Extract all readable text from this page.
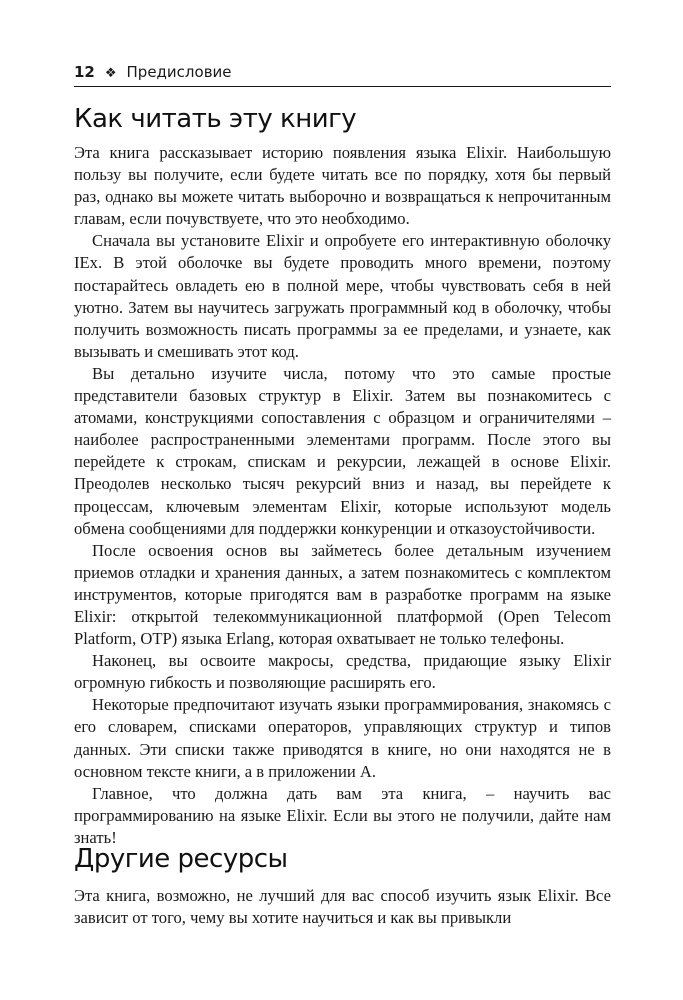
12 ❖ Предисловие
Как читать эту книгу

Эта книга рассказывает историю появления языка Elixir. Наибольшую пользу вы получите, если будете читать все по порядку, хотя бы первый раз, однако вы можете читать выборочно и возвращаться к непрочитанным главам, если почувствуете, что это необходимо.

Сначала вы установите Elixir и опробуете его интерактивную оболочку IEx. В этой оболочке вы будете проводить много времени, поэтому постарайтесь овладеть ею в полной мере, чтобы чувствовать себя в ней уютно. Затем вы научитесь загружать программный код в оболочку, чтобы получить возможность писать программы за ее пределами, и узнаете, как вызывать и смешивать этот код.

Вы детально изучите числа, потому что это самые простые представители базовых структур в Elixir. Затем вы познакомитесь с атомами, конструкциями сопоставления с образцом и ограничителями – наиболее распространенными элементами программ. После этого вы перейдете к строкам, спискам и рекурсии, лежащей в основе Elixir. Преодолев несколько тысяч рекурсий вниз и назад, вы перейдете к процессам, ключевым элементам Elixir, которые используют модель обмена сообщениями для поддержки конкуренции и отказоустойчивости.

После освоения основ вы займетесь более детальным изучением приемов отладки и хранения данных, а затем познакомитесь с комплектом инструментов, которые пригодятся вам в разработке программ на языке Elixir: открытой телекоммуникационной платформой (Open Telecom Platform, OTP) языка Erlang, которая охватывает не только телефоны.

Наконец, вы освоите макросы, средства, придающие языку Elixir огромную гибкость и позволяющие расширять его.

Некоторые предпочитают изучать языки программирования, знакомясь с его словарем, списками операторов, управляющих структур и типов данных. Эти списки также приводятся в книге, но они находятся не в основном тексте книги, а в приложении А.

Главное, что должна дать вам эта книга, – научить вас программированию на языке Elixir. Если вы этого не получили, дайте нам знать!

Другие ресурсы

Эта книга, возможно, не лучший для вас способ изучить язык Elixir. Все зависит от того, чему вы хотите научиться и как вы привыкли
